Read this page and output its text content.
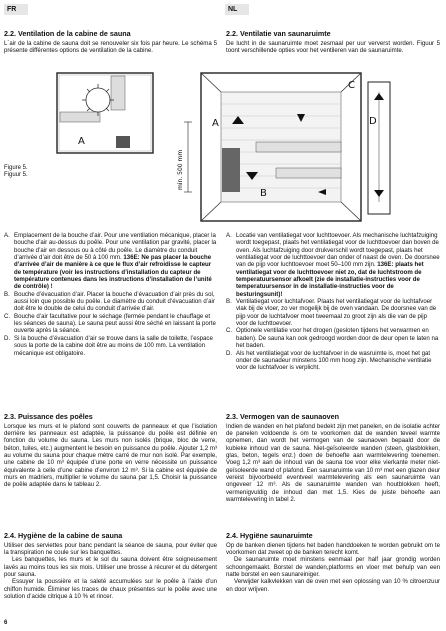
FR	NL
2.2. Ventilation de la cabine de sauna

L´air de la cabine de sauna doit se renouveler six fois par heure. Le schéma 5 présente différentes options de ventilation de la cabine.

2.2. Ventilatie van saunaruimte

De lucht in de saunaruimte moet zesmaal per uur ververst worden. Figuur 5 toont verschillende opties voor het ventileren van de saunaruimte.

A
A
B
C
D
min. 500 mm
Figure 5.
Figuur 5.
A. Emplacement de la bouche d’air. Pour une ventilation mécanique, placer la bouche d’air au-dessus du poêle. Pour une ventilation par gravité, placer la bouche d’air en dessous ou à côté du poêle. Le diamètre du conduit d’arrivée d’air doit être de 50 à 100 mm. 136E: Ne pas placer la bouche d’arrivée d’air de manière à ce que le flux d’air refroidisse le capteur de température (voir les instructions d’installation du capteur de température contenues dans les instructions d’installation de l’unité de contrôle) !
B. Bouche d’évacuation d’air. Placer la bouche d’évacuation d’air près du sol, aussi loin que possible du poêle. Le diamètre du conduit d’évacuation d’air doit être le double de celui du conduit d’arrivée d’air.
C. Bouche d’air facultative pour le séchage (fermée pendant le chauffage et les séances de sauna). Le sauna peut aussi être séché en laissant la porte ouverte après la séance.
D. Si la bouche d’évacuation d’air se trouve dans la salle de toilette, l’espace sous la porte de la cabine doit être au moins de 100 mm. La ventilation mécanique est obligatoire.
A. Locatie van ventilatiegat voor luchttoevoer. Als mechanische luchtafzuiging wordt toegepast, plaats het ventilatiegat voor de luchttoevoer dan boven de oven. Als luchtafzuiging door drukverschil wordt toegepast, plaats het ventilatiegat voor de luchttoevoer dan onder of naast de oven. De doorsnee van de pijp voor luchttoevoer moet 50–100 mm zijn. 136E: plaats het ventilatiegat voor de luchttoevoer niet zo, dat de luchtstroom de temperatuursensor afkoelt (zie de installatie-instructies voor de temperatuursensor in de installatie-instructies voor de besturingsunit)!
B. Ventilatiegat voor luchtafvoer. Plaats het ventilatiegat voor de luchtafvoer vlak bij de vloer, zo ver mogelijk bij de oven vandaan. De doorsnee van de pijp voor de luchtafvoer moet tweemaal zo groot zijn als die van de pijp voor de luchttoevoer.
C. Optionele ventilatie voor het drogen (gesloten tijdens het verwarmen en baden). De sauna kan ook gedroogd worden door de deur open te laten na het baden.
D. Als het ventilatiegat voor de luchtafvoer in de wasruimte is, moet het gat onder de saunadeur minstens 100 mm hoog zijn. Mechanische ventilatie voor de luchtafvoer is verplicht.
2.3. Puissance des poêles

Lorsque les murs et le plafond sont couverts de panneaux et que l’isolation derrière les panneaux est adaptée, la puissance du poêle est définie en fonction du volume du sauna. Les murs non isolés (brique, bloc de verre, béton, tuiles, etc.) augmentent le besoin en puissance du poêle. Ajouter 1,2 m³ au volume du sauna pour chaque mètre carré de mur non isolé. Par exemple, une cabine de 10 m³ équipée d’une porte en verre nécessite un puissance équivalente à celle d’une cabine d’environ 12 m³. Si la cabine est équipée de murs en madriers, multiplier le volume du sauna par 1,5. Choisir la puissance de poêle adaptée dans le tableau 2.

2.3. Vermogen van de saunaoven

Indien de wanden en het plafond bedekt zijn met panelen, en de isolatie achter de panelen voldoende is om te voorkomen dat de wanden teveel warmte opnemen, dan wordt het vermogen van de saunaoven bepaald door de kubieke inhoud van de sauna. Niet-geïsoleerde wanden (steen, glasblokken, glas, beton, tegels enz.) doen de behoefte aan warmtelevering toenemen. Voeg 1,2 m³ aan de inhoud van de sauna toe voor elke vierkante meter niet-geïsoleerde wand of plafond. Een saunaruimte van 10 m³ met een glazen deur vereist bijvoorbeeld eventveel warmtelevering als een saunaruimte van ongeveer 12 m³. Als de saunaruimte wanden van houtblokken heeft, vermenigvuldig de inhoud dan met 1,5. Kies de juiste behoefte aan warmtelevering in tabel 2.

2.4. Hygiène de la cabine de sauna

Utiliser des serviettes pour banc pendant la séance de sauna, pour éviter que la transpiration ne coule sur les banquettes.

Les banquettes, les murs et le sol du sauna doivent être soigneusement lavés au moins tous les six mois. Utiliser une brosse à récurer et du détergent pour sauna.

Essuyer la poussière et la saleté accumulées sur le poêle à l’aide d’un chiffon humide. Éliminer les traces de chaux présentes sur le poêle avec une solution d’acide citrique à 10 % et rincer.

2.4. Hygiëne saunaruimte

Op de banken dienen tijdens het baden handdoeken te worden gebruikt om te voorkomen dat zweet op de banken terecht komt.

De saunaruimte moet minstens eenmaal per half jaar grondig worden schoongemaakt. Borstel de wanden,platforms en vloer met behulp van een natte borstel en een saunareiniger.

Verwijder kalkvlekken van de oven met een oplossing van 10 % citroenzuur en door wrijven.

6
